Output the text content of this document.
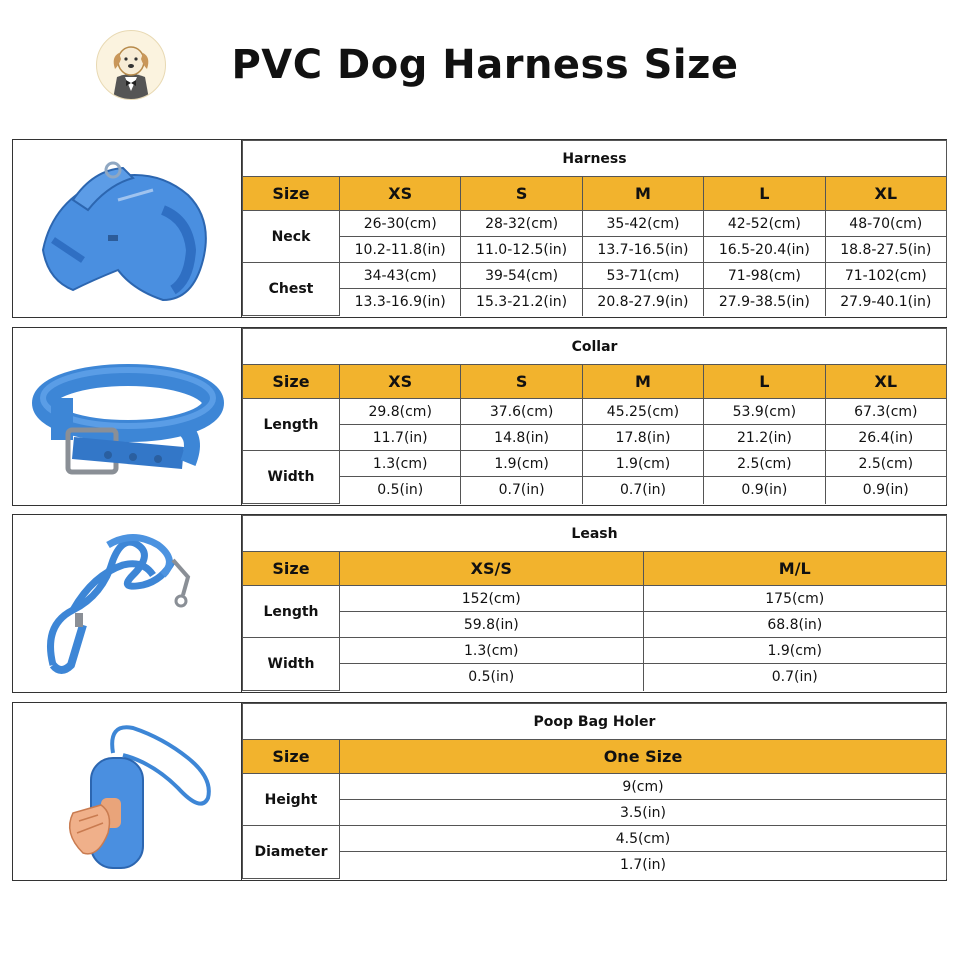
PVC Dog Harness Size
Harness					
Size	XS	S	M	L	XL
Neck	26-30(cm)	28-32(cm)	35-42(cm)	42-52(cm)	48-70(cm)
	10.2-11.8(in)	11.0-12.5(in)	13.7-16.5(in)	16.5-20.4(in)	18.8-27.5(in)
Chest	34-43(cm)	39-54(cm)	53-71(cm)	71-98(cm)	71-102(cm)
	13.3-16.9(in)	15.3-21.2(in)	20.8-27.9(in)	27.9-38.5(in)	27.9-40.1(in)
Collar					
Size	XS	S	M	L	XL
Length	29.8(cm)	37.6(cm)	45.25(cm)	53.9(cm)	67.3(cm)
	11.7(in)	14.8(in)	17.8(in)	21.2(in)	26.4(in)
Width	1.3(cm)	1.9(cm)	1.9(cm)	2.5(cm)	2.5(cm)
	0.5(in)	0.7(in)	0.7(in)	0.9(in)	0.9(in)
Leash		
Size	XS/S	M/L
Length	152(cm)	175(cm)
	59.8(in)	68.8(in)
Width	1.3(cm)	1.9(cm)
	0.5(in)	0.7(in)
Poop Bag Holer	
Size	One Size
Height	9(cm)
	3.5(in)
Diameter	4.5(cm)
	1.7(in)
